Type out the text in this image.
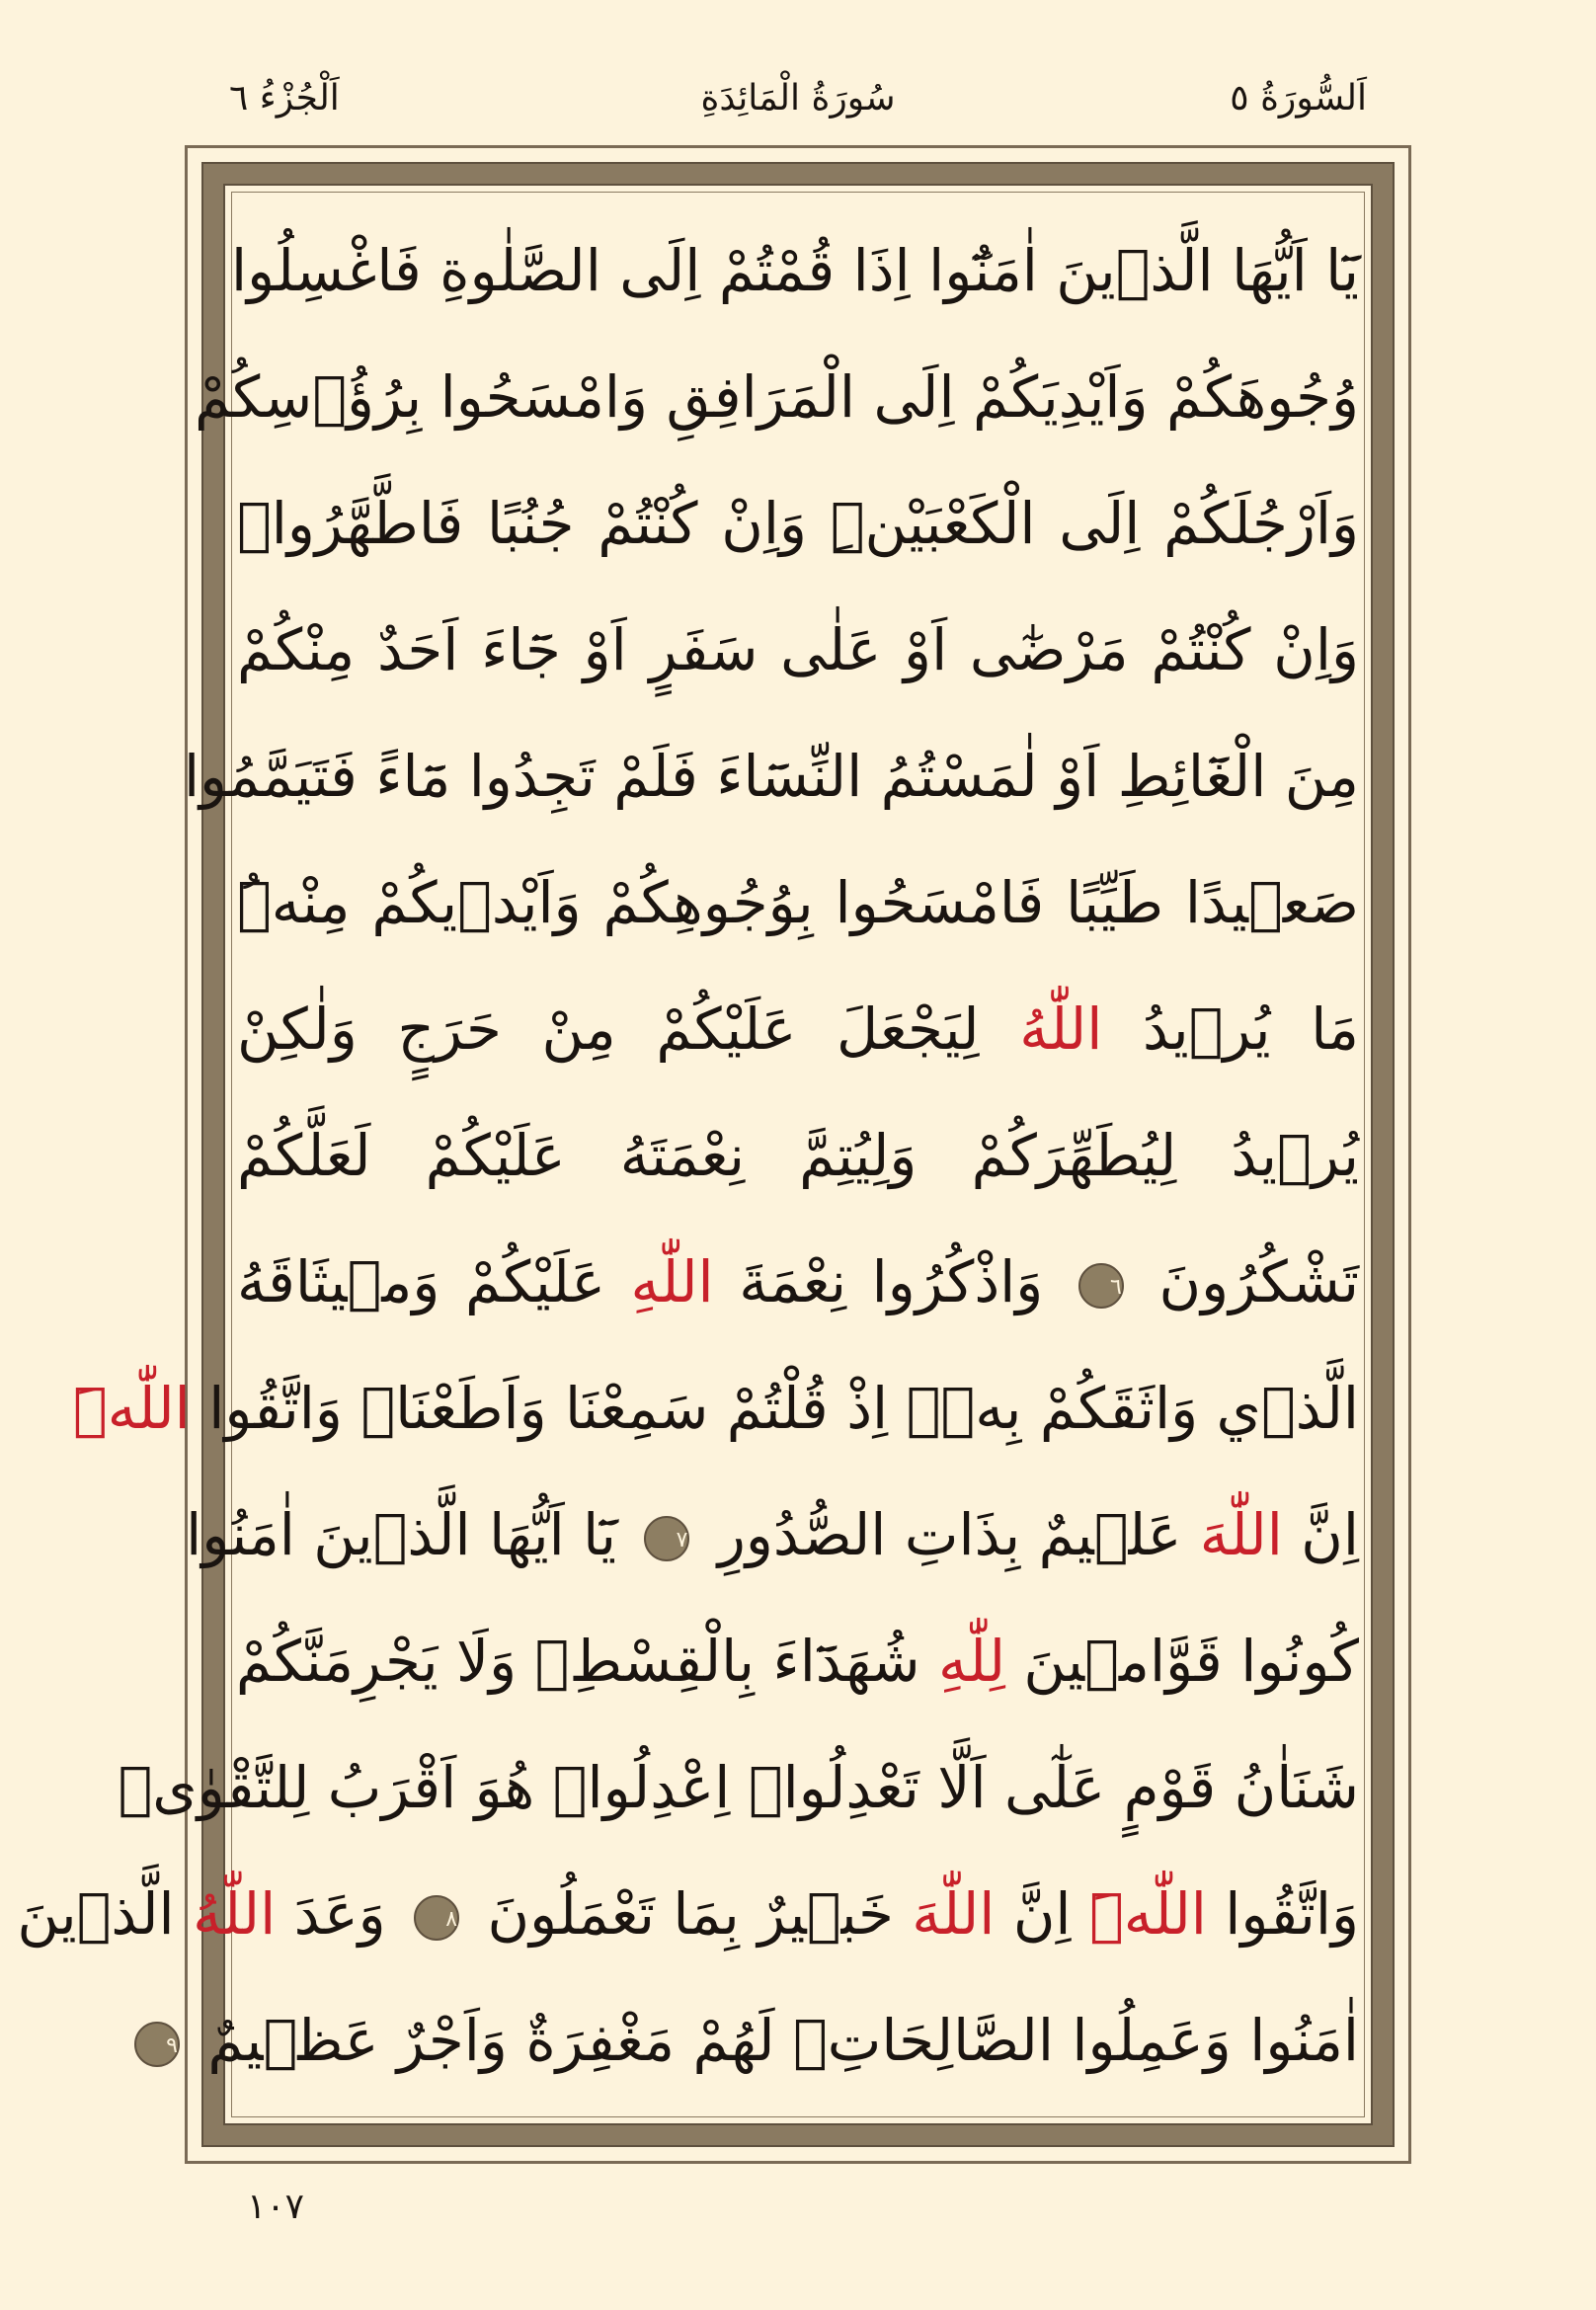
اَلْجُزْءُ ٦	سُورَةُ الْمَائِدَةِ	اَلسُّورَةُ ٥
يَٓا اَيُّهَا الَّذ۪ينَ اٰمَنُٓوا اِذَا قُمْتُمْ اِلَى الصَّلٰوةِ فَاغْسِلُوا
وُجُوهَكُمْ وَاَيْدِيَكُمْ اِلَى الْمَرَافِقِ وَامْسَحُوا بِرُؤُ۫سِكُمْ
وَاَرْجُلَكُمْ اِلَى الْكَعْبَيْنِۜ وَاِنْ كُنْتُمْ جُنُبًا فَاطَّهَّرُواۜ
وَاِنْ كُنْتُمْ مَرْضٰٓى اَوْ عَلٰى سَفَرٍ اَوْ جَٓاءَ اَحَدٌ مِنْكُمْ
مِنَ الْغَٓائِطِ اَوْ لٰمَسْتُمُ النِّسَٓاءَ فَلَمْ تَجِدُوا مَٓاءً فَتَيَمَّمُوا
صَع۪يدًا طَيِّبًا فَامْسَحُوا بِوُجُوهِكُمْ وَاَيْد۪يكُمْ مِنْهُۜ
مَا يُر۪يدُ اللّٰهُ لِيَجْعَلَ عَلَيْكُمْ مِنْ حَرَجٍ وَلٰكِنْ
يُر۪يدُ لِيُطَهِّرَكُمْ وَلِيُتِمَّ نِعْمَتَهُ عَلَيْكُمْ لَعَلَّكُمْ
تَشْكُرُونَ ٦ وَاذْكُرُوا نِعْمَةَ اللّٰهِ عَلَيْكُمْ وَم۪يثَاقَهُ
الَّذ۪ي وَاثَقَكُمْ بِه۪ۙ اِذْ قُلْتُمْ سَمِعْنَا وَاَطَعْنَاۘ وَاتَّقُوا اللّٰهَۜ
اِنَّ اللّٰهَ عَل۪يمٌ بِذَاتِ الصُّدُورِ ٧ يَٓا اَيُّهَا الَّذ۪ينَ اٰمَنُوا
كُونُوا قَوَّام۪ينَ لِلّٰهِ شُهَدَٓاءَ بِالْقِسْطِۘ وَلَا يَجْرِمَنَّكُمْ
شَنَاٰنُ قَوْمٍ عَلٰٓى اَلَّا تَعْدِلُواۜ اِعْدِلُواࣞ هُوَ اَقْرَبُ لِلتَّقْوٰىۘ
وَاتَّقُوا اللّٰهَۜ اِنَّ اللّٰهَ خَب۪يرٌ بِمَا تَعْمَلُونَ ٨ وَعَدَ اللّٰهُ الَّذ۪ينَ
اٰمَنُوا وَعَمِلُوا الصَّالِحَاتِۙ لَهُمْ مَغْفِرَةٌ وَاَجْرٌ عَظ۪يمٌ ٩
١٠٧
